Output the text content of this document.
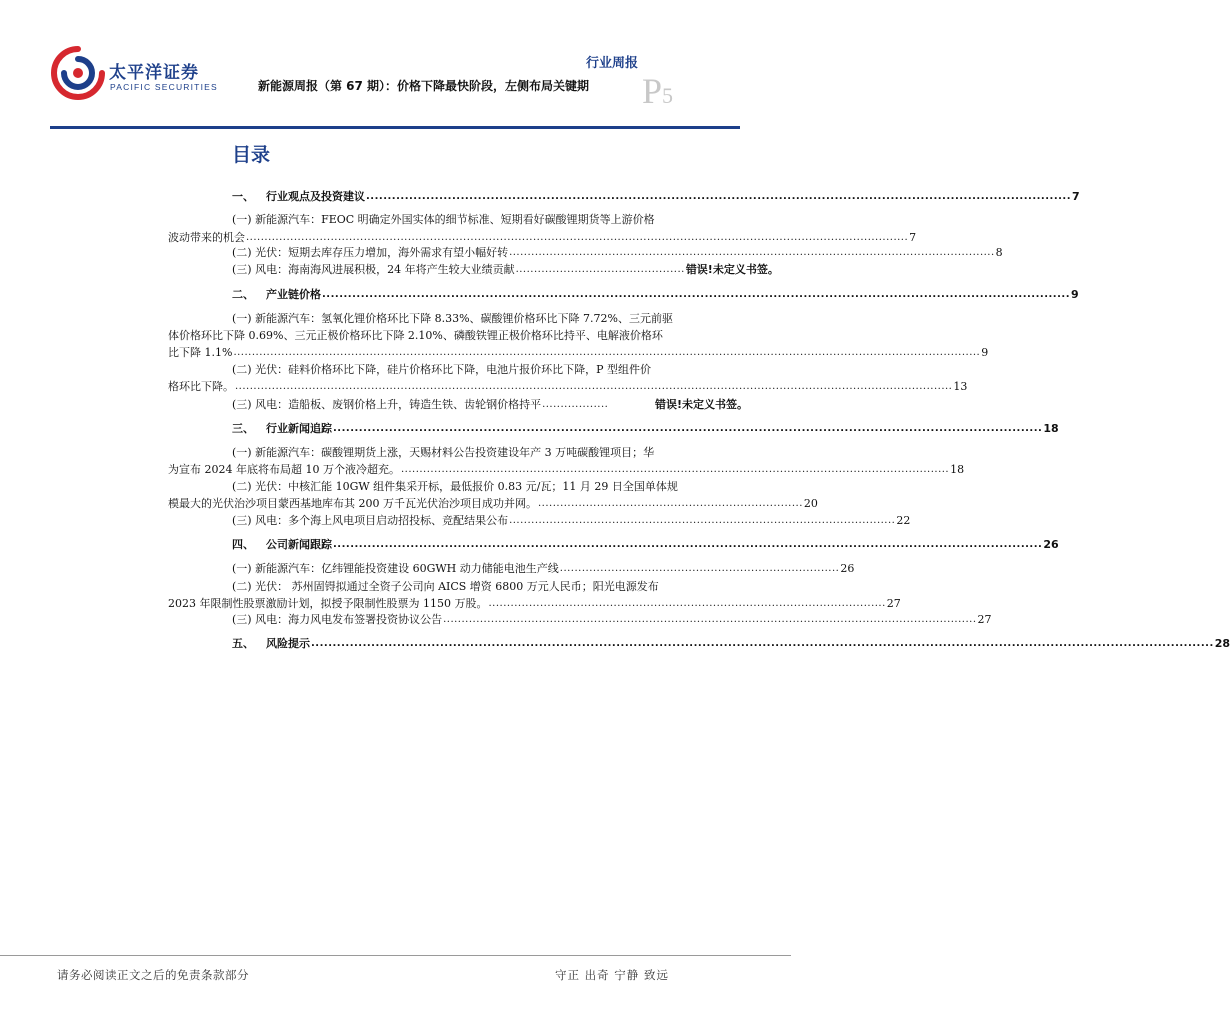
太平洋证券
PACIFIC SECURITIES
行业周报
新能源周报（第 67 期）：价格下降最快阶段，左侧布局关键期 P5
目录
一、 行业观点及投资建议 .................................................................................................................................................................... 7
(一) 新能源汽车：FEOC 明确定外国实体的细节标准、短期看好碳酸锂期货等上游价格
波动带来的机会 .................................................................................................................................................................................... 7
(二) 光伏：短期去库存压力增加，海外需求有望小幅好转 .................................................................................................................................... 8
(三) 风电：海南海风进展积极，24 年将产生较大业绩贡献 .............................................. 错误!未定义书签。
二、 产业链价格 .............................................................................................................................................................................. 9
(一) 新能源汽车：氢氧化锂价格环比下降 8.33%、碳酸锂价格环比下降 7.72%、三元前驱
体价格环比下降 0.69%、三元正极价格环比下降 2.10%、磷酸铁锂正极价格环比持平、电解液价格环
比下降 1.1% ........................................................................................................................................................................................................... 9
(二) 光伏：硅料价格环比下降，硅片价格环比下降，电池片报价环比下降，P 型组件价
格环比下降。 ................................................................................................................................................................................................... 13
(三) 风电：造船板、废钢价格上升，铸造生铁、齿轮钢价格持平 ..................	错误!未定义书签。
三、 行业新闻追踪 ..................................................................................................................................................................... 18
(一) 新能源汽车：碳酸锂期货上涨，天赐材料公告投资建设年产 3 万吨碳酸锂项目；华
为宣布 2024 年底将布局超 10 万个液冷超充。 ..................................................................................................................................................... 18
(二) 光伏：中核汇能 10GW 组件集采开标，最低报价 0.83 元/瓦；11 月 29 日全国单体规
模最大的光伏治沙项目蒙西基地库布其 200 万千瓦光伏治沙项目成功并网。 ........................................................................ 20
(三) 风电：多个海上风电项目启动招投标、竞配结果公布 ......................................................................................................... 22
四、 公司新闻跟踪 ..................................................................................................................................................................... 26
(一) 新能源汽车：亿纬锂能投资建设 60GWH 动力储能电池生产线 ............................................................................ 26
(二) 光伏： 苏州固锝拟通过全资子公司向 AICS 增资 6800 万元人民币；阳光电源发布
2023 年限制性股票激励计划，拟授予限制性股票为 1150 万股。 ............................................................................................................ 27
(三) 风电：海力风电发布签署投资协议公告 ................................................................................................................................................. 27
五、 风险提示 .................................................................................................................................................................................................................. 28
请务必阅读正文之后的免责条款部分	守正 出奇 宁静 致远
